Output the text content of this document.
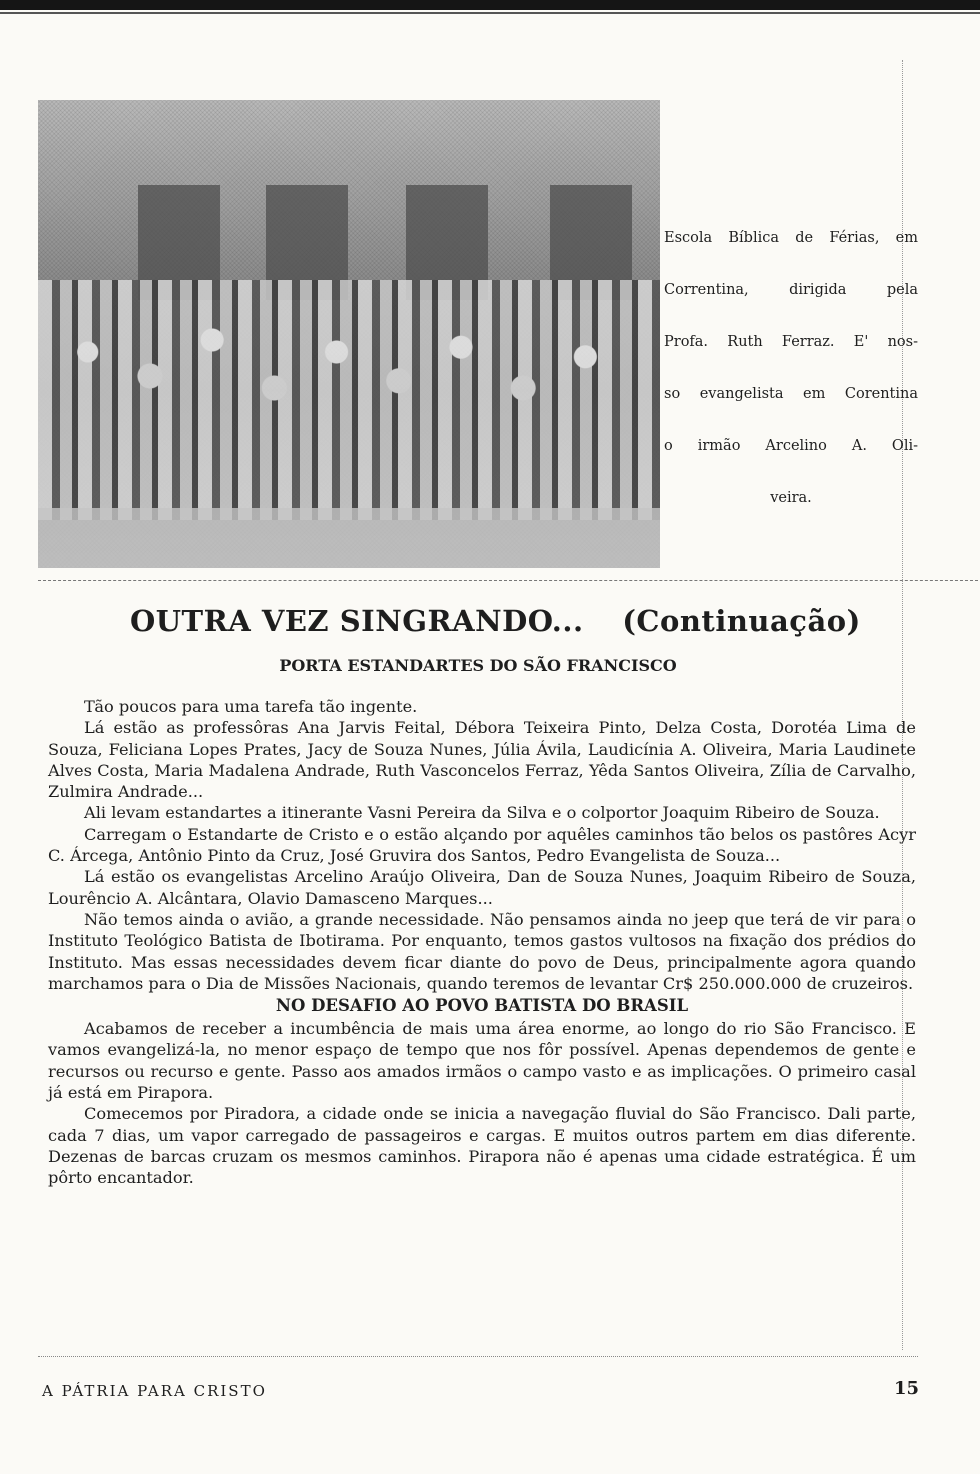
Escola Bíblica de Férias, em
Correntina, dirigida pela
Profa. Ruth Ferraz. E' nos-
so evangelista em Corentina
o irmão Arcelino A. Oli-
veira.
OUTRA VEZ SINGRANDO... (Continuação)
PORTA ESTANDARTES DO SÃO FRANCISCO

Tão poucos para uma tarefa tão ingente.

Lá estão as professôras Ana Jarvis Feital, Débora Teixeira Pinto, Delza Costa, Dorotéa Lima de Souza, Feliciana Lopes Prates, Jacy de Souza Nunes, Júlia Ávila, Laudicínia A. Oliveira, Maria Laudinete Alves Costa, Maria Madalena Andrade, Ruth Vasconcelos Ferraz, Yêda Santos Oliveira, Zília de Carvalho, Zulmira Andrade...

Ali levam estandartes a itinerante Vasni Pereira da Silva e o colportor Joaquim Ribeiro de Souza.

Carregam o Estandarte de Cristo e o estão alçando por aquêles caminhos tão belos os pastôres Acyr C. Árcega, Antônio Pinto da Cruz, José Gruvira dos Santos, Pedro Evangelista de Souza...

Lá estão os evangelistas Arcelino Araújo Oliveira, Dan de Souza Nunes, Joaquim Ribeiro de Souza, Lourêncio A. Alcântara, Olavio Damasceno Marques...

Não temos ainda o avião, a grande necessidade. Não pensamos ainda no jeep que terá de vir para o Instituto Teológico Batista de Ibotirama. Por enquanto, temos gastos vultosos na fixação dos prédios do Instituto. Mas essas necessidades devem ficar diante do povo de Deus, principalmente agora quando marchamos para o Dia de Missões Nacionais, quando teremos de levantar Cr$ 250.000.000 de cruzeiros.

NO DESAFIO AO POVO BATISTA DO BRASIL

Acabamos de receber a incumbência de mais uma área enorme, ao longo do rio São Francisco. E vamos evangelizá-la, no menor espaço de tempo que nos fôr possível. Apenas dependemos de gente e recursos ou recurso e gente. Passo aos amados irmãos o campo vasto e as implicações. O primeiro casal já está em Pirapora.

Comecemos por Piradora, a cidade onde se inicia a navegação fluvial do São Francisco. Dali parte, cada 7 dias, um vapor carregado de passageiros e cargas. E muitos outros partem em dias diferente. Dezenas de barcas cruzam os mesmos caminhos. Pirapora não é apenas uma cidade estratégica. É um pôrto encantador.

A PÁTRIA PARA CRISTO	15
